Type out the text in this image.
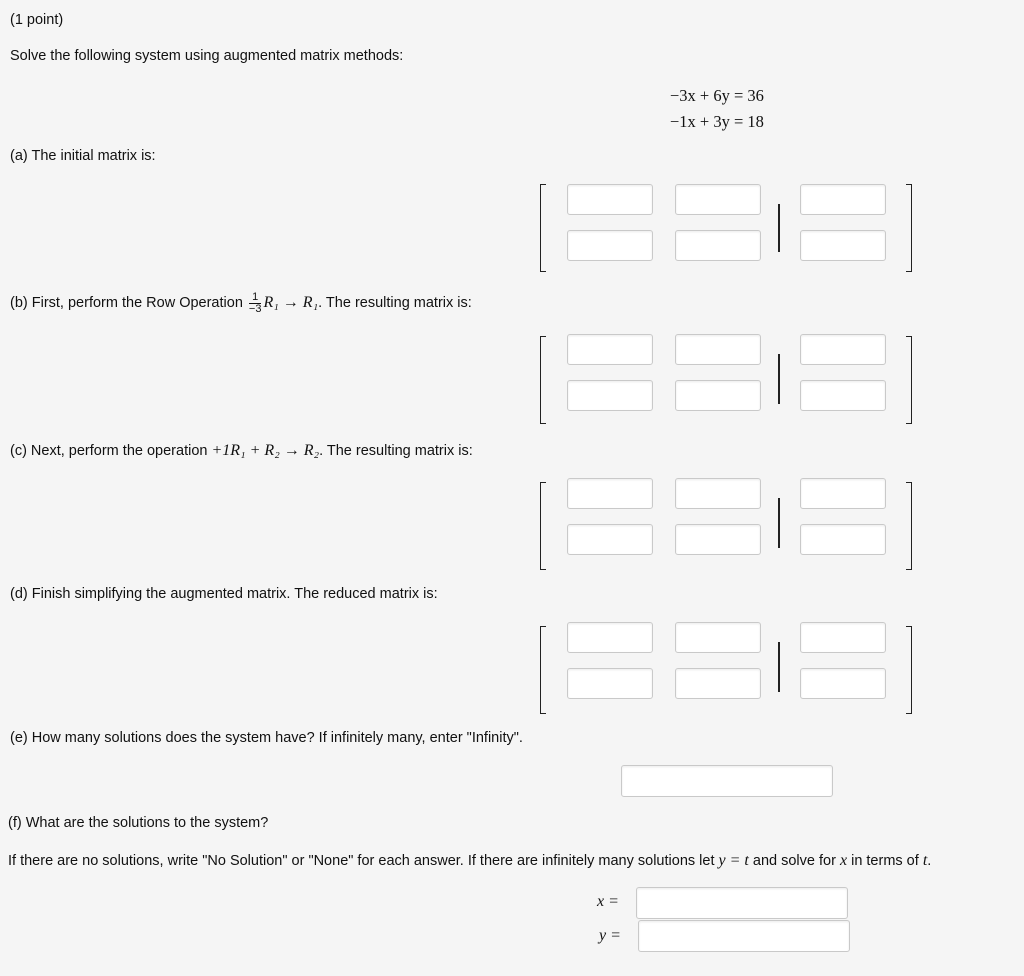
(1 point)
Solve the following system using augmented matrix methods:
−3x + 6y = 36
−1x + 3y = 18
(a) The initial matrix is:
(b) First, perform the Row Operation $\frac{1}{-3} R_1 \to R_1$. The resulting matrix is:
(c) Next, perform the operation +1R₁ + R₂ → R₂. The resulting matrix is:
(d) Finish simplifying the augmented matrix. The reduced matrix is:
(e) How many solutions does the system have? If infinitely many, enter "Infinity".
(f) What are the solutions to the system?
If there are no solutions, write "No Solution" or "None" for each answer. If there are infinitely many solutions let y = t and solve for x in terms of t.
x =
y =
